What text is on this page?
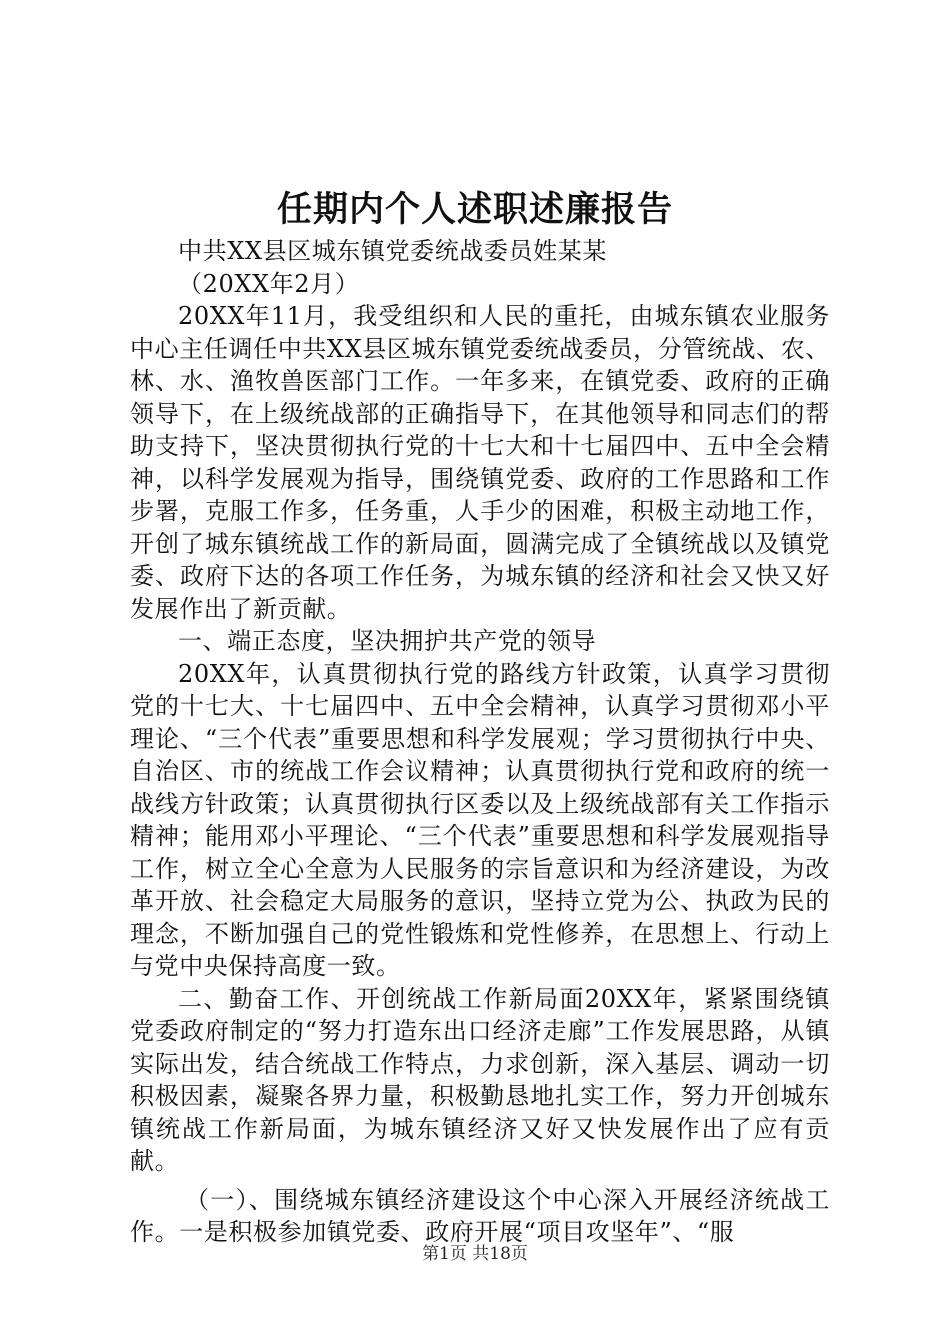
任期内个人述职述廉报告

中共XX县区城东镇党委统战委员姓某某

（20XX年2月）

20XX年11月，我受组织和人民的重托，由城东镇农业服务中心主任调任中共XX县区城东镇党委统战委员，分管统战、农、林、水、渔牧兽医部门工作。一年多来，在镇党委、政府的正确领导下，在上级统战部的正确指导下，在其他领导和同志们的帮助支持下，坚决贯彻执行党的十七大和十七届四中、五中全会精神，以科学发展观为指导，围绕镇党委、政府的工作思路和工作步署，克服工作多，任务重，人手少的困难，积极主动地工作，开创了城东镇统战工作的新局面，圆满完成了全镇统战以及镇党委、政府下达的各项工作任务，为城东镇的经济和社会又快又好发展作出了新贡献。

一、端正态度，坚决拥护共产党的领导

20XX年，认真贯彻执行党的路线方针政策，认真学习贯彻党的十七大、十七届四中、五中全会精神，认真学习贯彻邓小平理论、“三个代表”重要思想和科学发展观；学习贯彻执行中央、自治区、市的统战工作会议精神；认真贯彻执行党和政府的统一战线方针政策；认真贯彻执行区委以及上级统战部有关工作指示精神；能用邓小平理论、“三个代表”重要思想和科学发展观指导工作，树立全心全意为人民服务的宗旨意识和为经济建设，为改革开放、社会稳定大局服务的意识，坚持立党为公、执政为民的理念，不断加强自己的党性锻炼和党性修养，在思想上、行动上与党中央保持高度一致。

二、勤奋工作、开创统战工作新局面20XX年，紧紧围绕镇党委政府制定的“努力打造东出口经济走廊”工作发展思路，从镇实际出发，结合统战工作特点，力求创新，深入基层、调动一切积极因素，凝聚各界力量，积极勤恳地扎实工作，努力开创城东镇统战工作新局面，为城东镇经济又好又快发展作出了应有贡献。

（一）、围绕城东镇经济建设这个中心深入开展经济统战工作。一是积极参加镇党委、政府开展“项目攻坚年”、“服

第1页 共18页
